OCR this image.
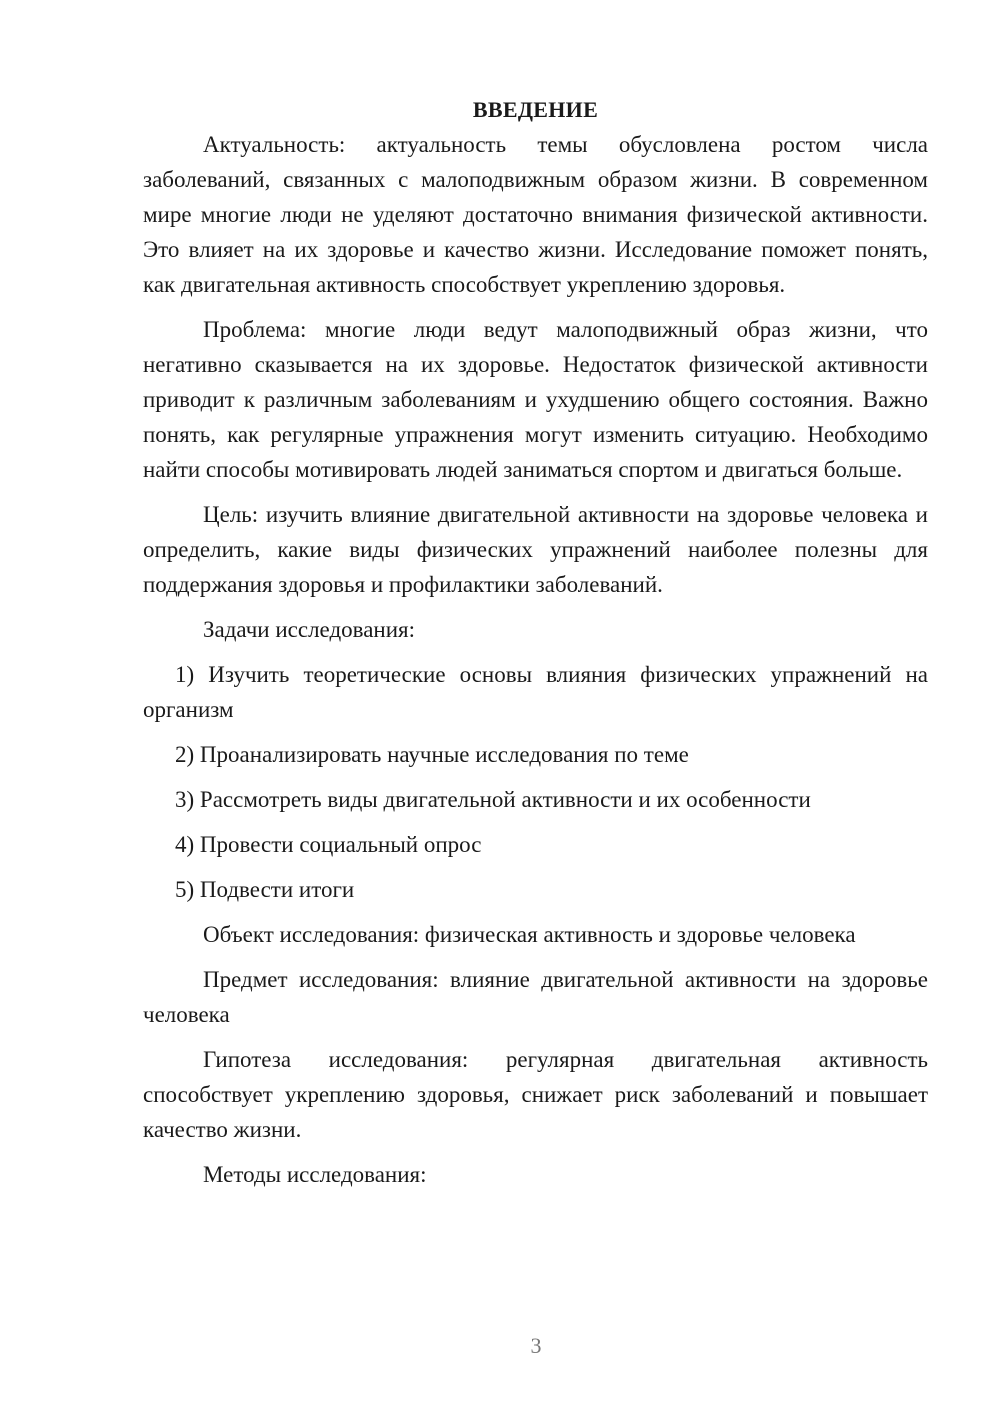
ВВЕДЕНИЕ

Актуальность: актуальность темы обусловлена ростом числа заболеваний, связанных с малоподвижным образом жизни. В современном мире многие люди не уделяют достаточно внимания физической активности. Это влияет на их здоровье и качество жизни. Исследование поможет понять, как двигательная активность способствует укреплению здоровья.

Проблема: многие люди ведут малоподвижный образ жизни, что негативно сказывается на их здоровье. Недостаток физической активности приводит к различным заболеваниям и ухудшению общего состояния. Важно понять, как регулярные упражнения могут изменить ситуацию. Необходимо найти способы мотивировать людей заниматься спортом и двигаться больше.

Цель: изучить влияние двигательной активности на здоровье человека и определить, какие виды физических упражнений наиболее полезны для поддержания здоровья и профилактики заболеваний.

Задачи исследования:

1) Изучить теоретические основы влияния физических упражнений на организм

2) Проанализировать научные исследования по теме

3) Рассмотреть виды двигательной активности и их особенности

4) Провести социальный опрос

5) Подвести итоги

Объект исследования: физическая активность и здоровье человека

Предмет исследования: влияние двигательной активности на здоровье человека

Гипотеза исследования: регулярная двигательная активность способствует укреплению здоровья, снижает риск заболеваний и повышает качество жизни.

Методы исследования:

3
